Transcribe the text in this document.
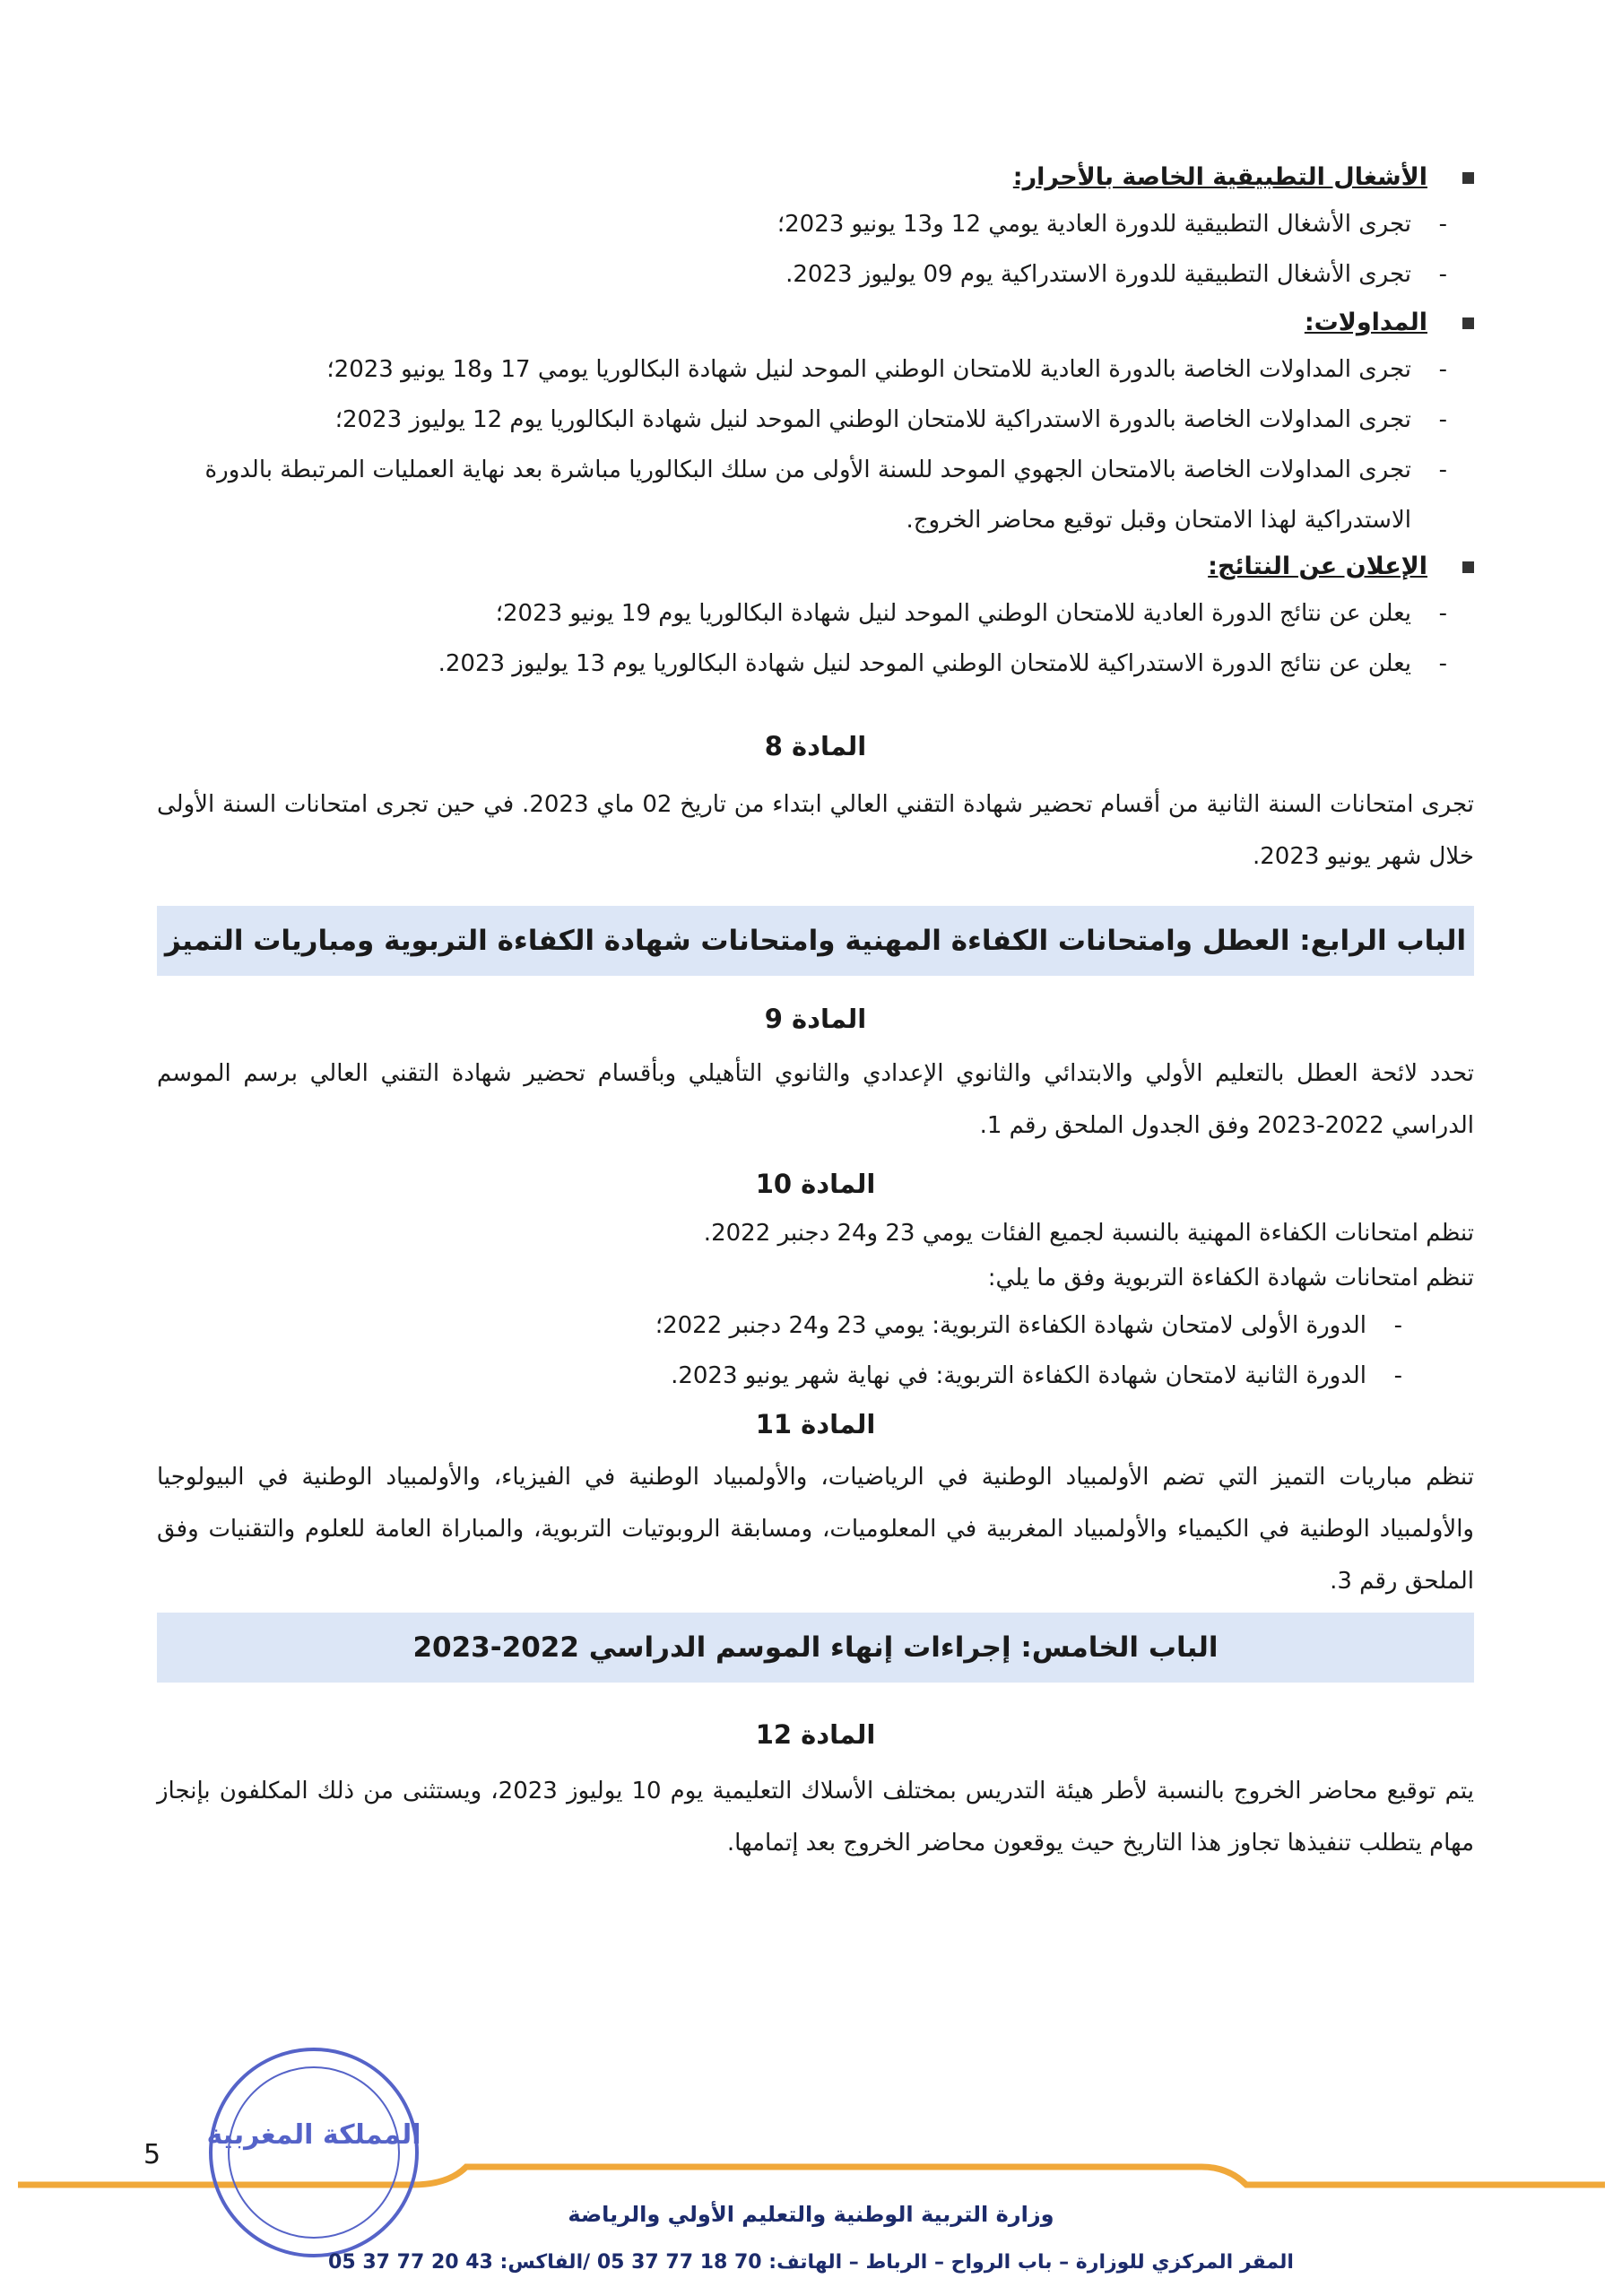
الأشغال التطبيقية الخاصة بالأحرار:
-
تجرى الأشغال التطبيقية للدورة العادية يومي 12 و13 يونيو 2023؛
-
تجرى الأشغال التطبيقية للدورة الاستدراكية يوم 09 يوليوز 2023.
المداولات:
-
تجرى المداولات الخاصة بالدورة العادية للامتحان الوطني الموحد لنيل شهادة البكالوريا يومي 17 و18 يونيو 2023؛
-
تجرى المداولات الخاصة بالدورة الاستدراكية للامتحان الوطني الموحد لنيل شهادة البكالوريا يوم 12 يوليوز 2023؛
-
تجرى المداولات الخاصة بالامتحان الجهوي الموحد للسنة الأولى من سلك البكالوريا مباشرة بعد نهاية العمليات المرتبطة بالدورة الاستدراكية لهذا الامتحان وقبل توقيع محاضر الخروج.
الإعلان عن النتائج:
-
يعلن عن نتائج الدورة العادية للامتحان الوطني الموحد لنيل شهادة البكالوريا يوم 19 يونيو 2023؛
-
يعلن عن نتائج الدورة الاستدراكية للامتحان الوطني الموحد لنيل شهادة البكالوريا يوم 13 يوليوز 2023.
المادة 8
تجرى امتحانات السنة الثانية من أقسام تحضير شهادة التقني العالي ابتداء من تاريخ 02 ماي 2023. في حين تجرى امتحانات السنة الأولى خلال شهر يونيو 2023.
الباب الرابع: العطل وامتحانات الكفاءة المهنية وامتحانات شهادة الكفاءة التربوية ومباريات التميز
المادة 9
تحدد لائحة العطل بالتعليم الأولي والابتدائي والثانوي الإعدادي والثانوي التأهيلي وبأقسام تحضير شهادة التقني العالي برسم الموسم الدراسي 2022-2023 وفق الجدول الملحق رقم 1.
المادة 10
تنظم امتحانات الكفاءة المهنية بالنسبة لجميع الفئات يومي 23 و24 دجنبر 2022.
تنظم امتحانات شهادة الكفاءة التربوية وفق ما يلي:
-
الدورة الأولى لامتحان شهادة الكفاءة التربوية: يومي 23 و24 دجنبر 2022؛
-
الدورة الثانية لامتحان شهادة الكفاءة التربوية: في نهاية شهر يونيو 2023.
المادة 11
تنظم مباريات التميز التي تضم الأولمبياد الوطنية في الرياضيات، والأولمبياد الوطنية في الفيزياء، والأولمبياد الوطنية في البيولوجيا والأولمبياد الوطنية في الكيمياء والأولمبياد المغربية في المعلوميات، ومسابقة الروبوتيات التربوية، والمباراة العامة للعلوم والتقنيات وفق الملحق رقم 3.
الباب الخامس: إجراءات إنهاء الموسم الدراسي 2022-2023
المادة 12
يتم توقيع محاضر الخروج بالنسبة لأطر هيئة التدريس بمختلف الأسلاك التعليمية يوم 10 يوليوز 2023، ويستثنى من ذلك المكلفون بإنجاز مهام يتطلب تنفيذها تجاوز هذا التاريخ حيث يوقعون محاضر الخروج بعد إتمامها.
المملكة المغربية
5
وزارة التربية الوطنية والتعليم الأولي والرياضة
المقر المركزي للوزارة – باب الرواح – الرباط – الهاتف: 70 18 77 37 05 /الفاكس: 43 20 77 37 05
